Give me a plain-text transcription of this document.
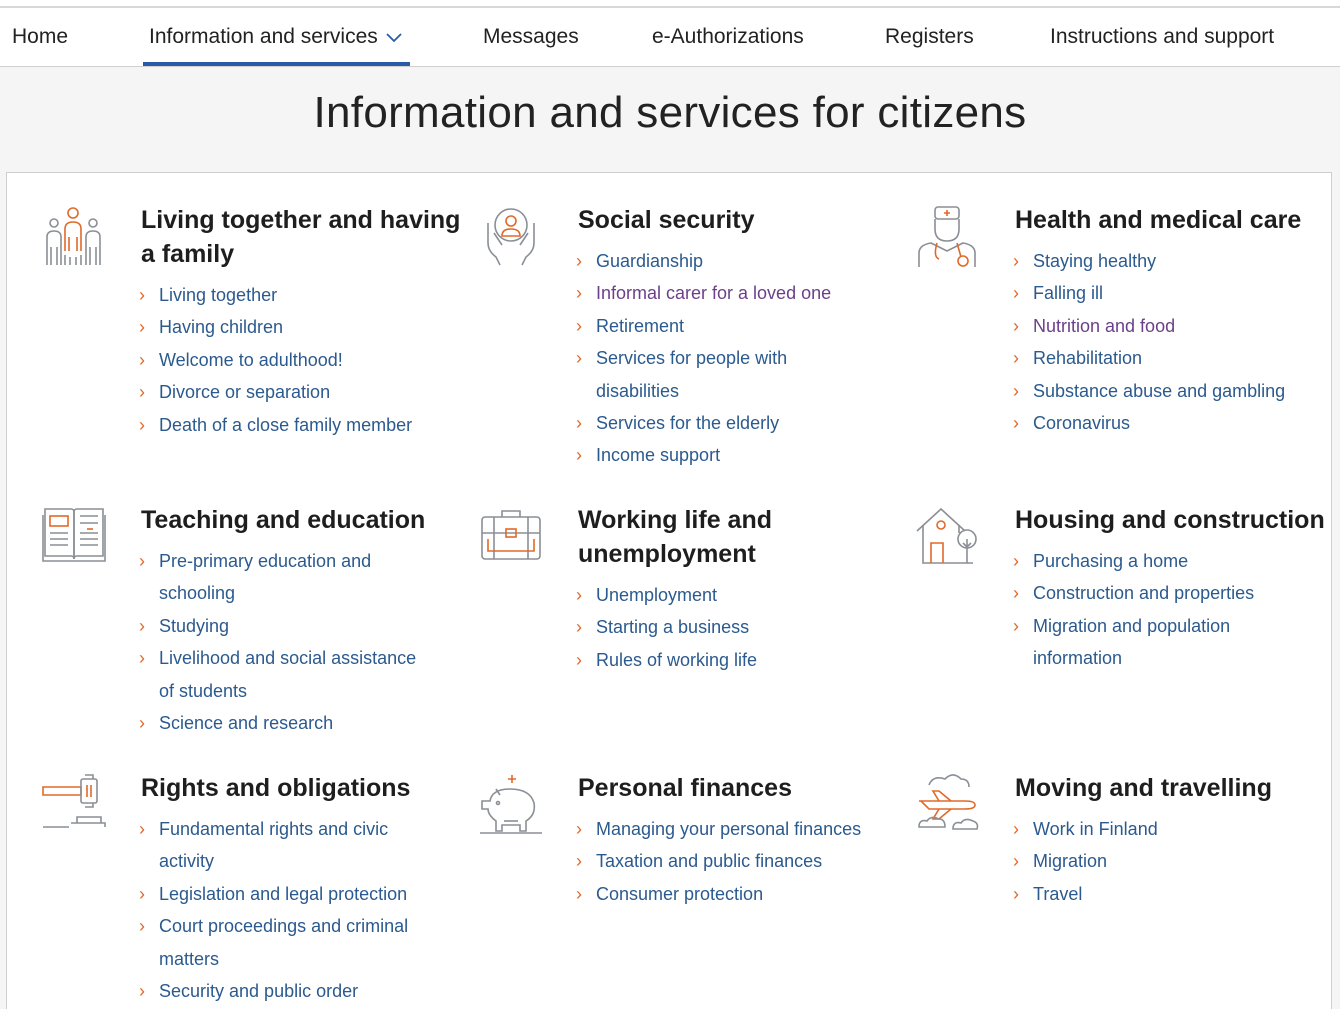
Home	Information and services	Messages	e-Authorizations	Registers	Instructions and support
Information and services for citizens
Living together and having a family
› Living together
› Having children
› Welcome to adulthood!
› Divorce or separation
› Death of a close family member
Social security
› Guardianship
› Informal carer for a loved one
› Retirement
› Services for people with disabilities
› Services for the elderly
› Income support
Health and medical care
› Staying healthy
› Falling ill
› Nutrition and food
› Rehabilitation
› Substance abuse and gambling
› Coronavirus
Teaching and education
› Pre-primary education and schooling
› Studying
› Livelihood and social assistance of students
› Science and research
Working life and unemployment
› Unemployment
› Starting a business
› Rules of working life
Housing and construction
› Purchasing a home
› Construction and properties
› Migration and population information
Rights and obligations
› Fundamental rights and civic activity
› Legislation and legal protection
› Court proceedings and criminal matters
› Security and public order
Personal finances
› Managing your personal finances
› Taxation and public finances
› Consumer protection
Moving and travelling
› Work in Finland
› Migration
› Travel
